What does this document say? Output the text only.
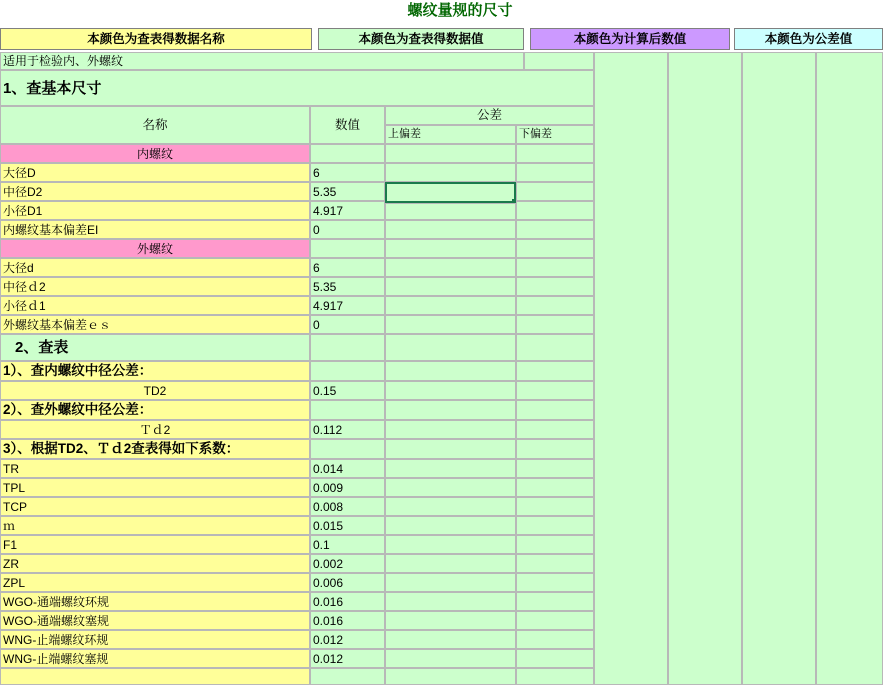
螺纹量规的尺寸
本颜色为查表得数据名称	本颜色为查表得数据值	本颜色为计算后数值	本颜色为公差值
适用于检验内、外螺纹
1、查基本尺寸
名称	数值
公差
上偏差	下偏差
内螺纹
大径D	6
中径D2	5.35
小径D1	4.917
内螺纹基本偏差EI	0
外螺纹
大径d	6
中径ｄ2	5.35
小径ｄ1	4.917
外螺纹基本偏差ｅｓ	0
2、查表
1）、查内螺纹中径公差：
TD2	0.15
2）、查外螺纹中径公差：
Ｔｄ2	0.112
3）、根据TD2、Ｔｄ2查表得如下系数：
TR	0.014
TPL	0.009
TCP	0.008
ｍ	0.015
F1	0.1
ZR	0.002
ZPL	0.006
WGO-通端螺纹环规	0.016
WGO-通端螺纹塞规	0.016
WNG-止端螺纹环规	0.012
WNG-止端螺纹塞规	0.012
